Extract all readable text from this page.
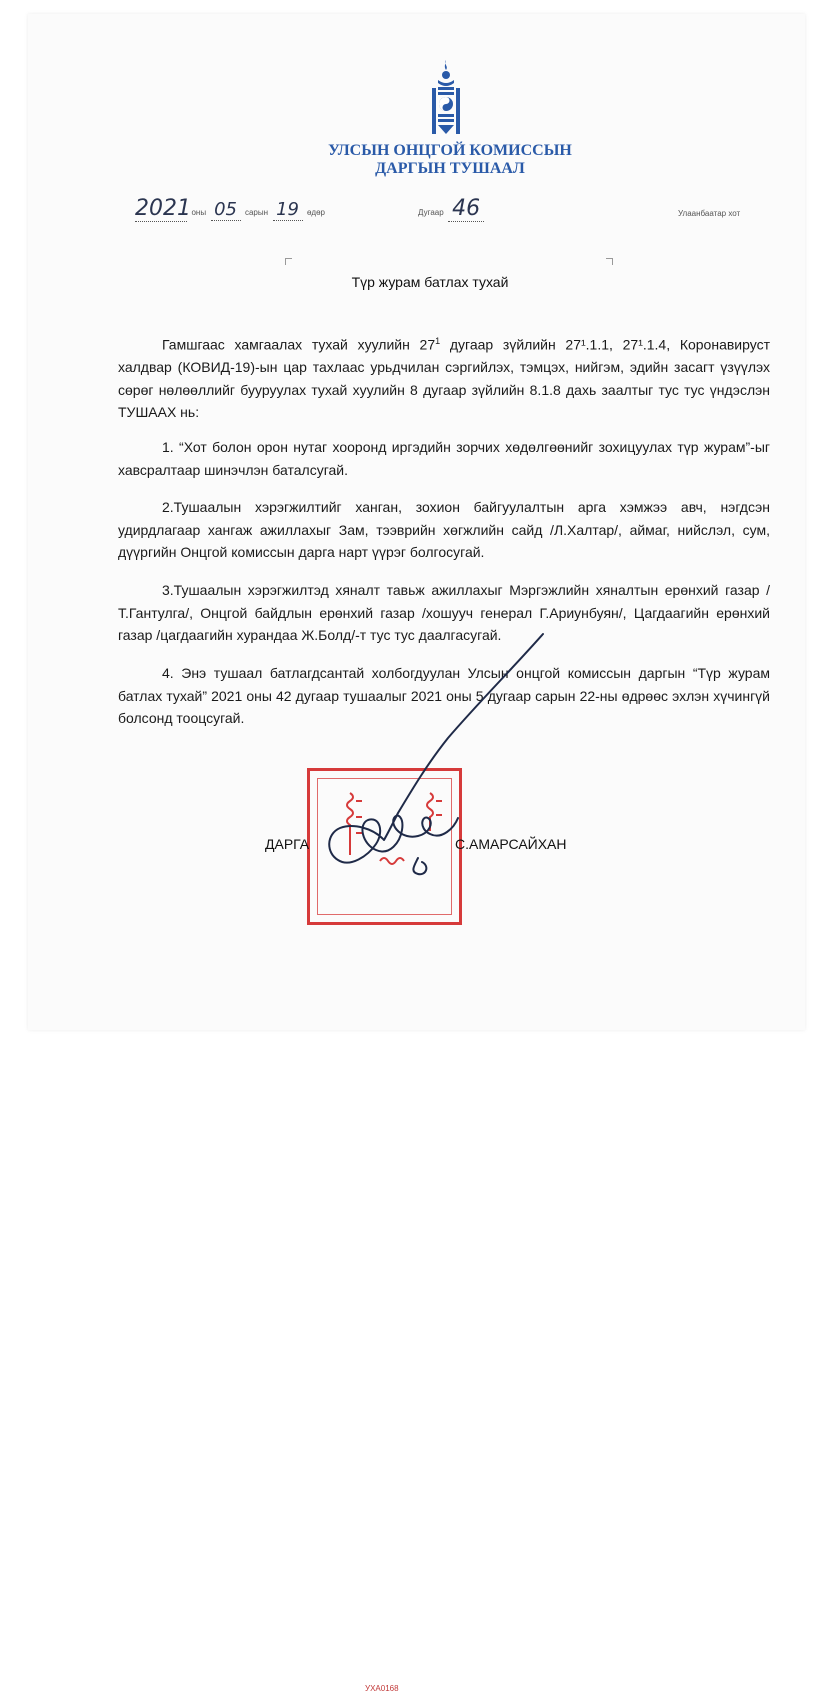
УЛСЫН ОНЦГОЙ КОМИССЫН
ДАРГЫН ТУШААЛ
2021 оны 05 сарын 19 өдөр	Дугаар 46	Улаанбаатар хот
Түр журам батлах тухай

Гамшгаас хамгаалах тухай хуулийн $27^1$ дугаар зүйлийн 27¹.1.1, 27¹.1.4, Коронавируст халдвар (КОВИД-19)-ын цар тахлаас урьдчилан сэргийлэх, тэмцэх, нийгэм, эдийн засагт үзүүлэх сөрөг нөлөөллийг бууруулах тухай хуулийн 8 дугаар зүйлийн 8.1.8 дахь заалтыг тус тус үндэслэн ТУШААХ нь:

1. “Хот болон орон нутаг хооронд иргэдийн зорчих хөдөлгөөнийг зохицуулах түр журам”-ыг хавсралтаар шинэчлэн баталсугай.

2.Тушаалын хэрэгжилтийг ханган, зохион байгуулалтын арга хэмжээ авч, нэгдсэн удирдлагаар хангаж ажиллахыг Зам, тээврийн хөгжлийн сайд /Л.Халтар/, аймаг, нийслэл, сум, дүүргийн Онцгой комиссын дарга нарт үүрэг болгосугай.

3.Тушаалын хэрэгжилтэд хяналт тавьж ажиллахыг Мэргэжлийн хяналтын ерөнхий газар /Т.Гантулга/, Онцгой байдлын ерөнхий газар /хошууч генерал Г.Ариунбуян/, Цагдаагийн ерөнхий газар /цагдаагийн хурандаа Ж.Болд/-т тус тус даалгасугай.

4. Энэ тушаал батлагдсантай холбогдуулан Улсын онцгой комиссын даргын “Түр журам батлах тухай” 2021 оны 42 дугаар тушаалыг 2021 оны 5 дугаар сарын 22-ны өдрөөс эхлэн хүчингүй болсонд тооцсугай.

УХА0168
ДАРГА	С.АМАРСАЙХАН
